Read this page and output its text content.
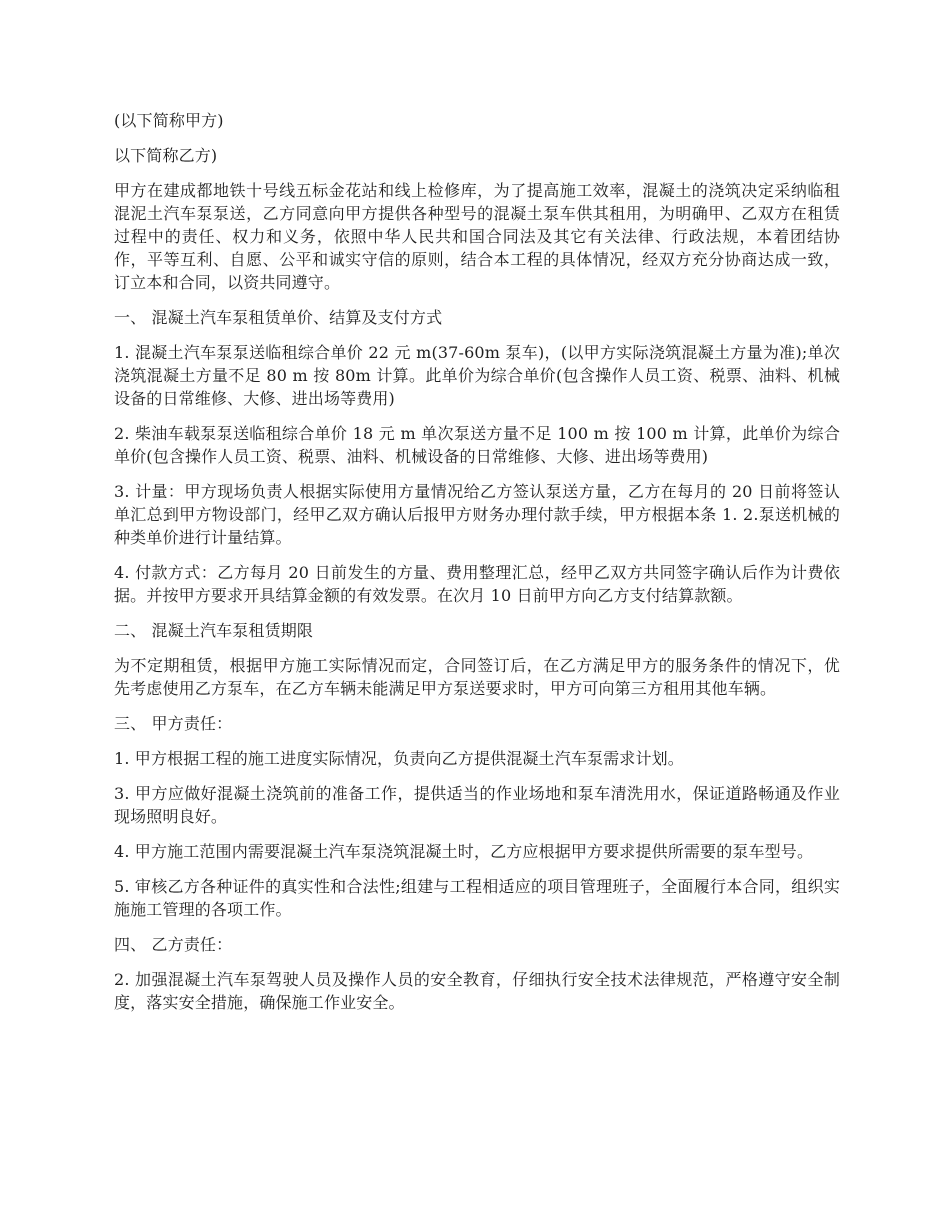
(以下简称甲方)

以下简称乙方)

甲方在建成都地铁十号线五标金花站和线上检修库，为了提高施工效率，混凝土的浇筑决定采纳临租混泥土汽车泵泵送，乙方同意向甲方提供各种型号的混凝土泵车供其租用，为明确甲、乙双方在租赁过程中的责任、权力和义务，依照中华人民共和国合同法及其它有关法律、行政法规，本着团结协作，平等互利、自愿、公平和诚实守信的原则，结合本工程的具体情况，经双方充分协商达成一致，订立本和合同，以资共同遵守。

一、 混凝土汽车泵租赁单价、结算及支付方式

1. 混凝土汽车泵泵送临租综合单价 22 元 m(37-60m 泵车)，(以甲方实际浇筑混凝土方量为准);单次浇筑混凝土方量不足 80 m 按 80m 计算。此单价为综合单价(包含操作人员工资、税票、油料、机械设备的日常维修、大修、进出场等费用)

2. 柴油车载泵泵送临租综合单价 18 元 m 单次泵送方量不足 100 m 按 100 m 计算，此单价为综合单价(包含操作人员工资、税票、油料、机械设备的日常维修、大修、进出场等费用)

3. 计量：甲方现场负责人根据实际使用方量情况给乙方签认泵送方量，乙方在每月的 20 日前将签认单汇总到甲方物设部门，经甲乙双方确认后报甲方财务办理付款手续，甲方根据本条 1. 2.泵送机械的种类单价进行计量结算。

4. 付款方式：乙方每月 20 日前发生的方量、费用整理汇总，经甲乙双方共同签字确认后作为计费依据。并按甲方要求开具结算金额的有效发票。在次月 10 日前甲方向乙方支付结算款额。

二、 混凝土汽车泵租赁期限

为不定期租赁，根据甲方施工实际情况而定，合同签订后，在乙方满足甲方的服务条件的情况下，优先考虑使用乙方泵车，在乙方车辆未能满足甲方泵送要求时，甲方可向第三方租用其他车辆。

三、 甲方责任：

1. 甲方根据工程的施工进度实际情况，负责向乙方提供混凝土汽车泵需求计划。

3. 甲方应做好混凝土浇筑前的准备工作，提供适当的作业场地和泵车清洗用水，保证道路畅通及作业现场照明良好。

4. 甲方施工范围内需要混凝土汽车泵浇筑混凝土时，乙方应根据甲方要求提供所需要的泵车型号。

5. 审核乙方各种证件的真实性和合法性;组建与工程相适应的项目管理班子，全面履行本合同，组织实施施工管理的各项工作。

四、 乙方责任：

2. 加强混凝土汽车泵驾驶人员及操作人员的安全教育，仔细执行安全技术法律规范，严格遵守安全制度，落实安全措施，确保施工作业安全。
